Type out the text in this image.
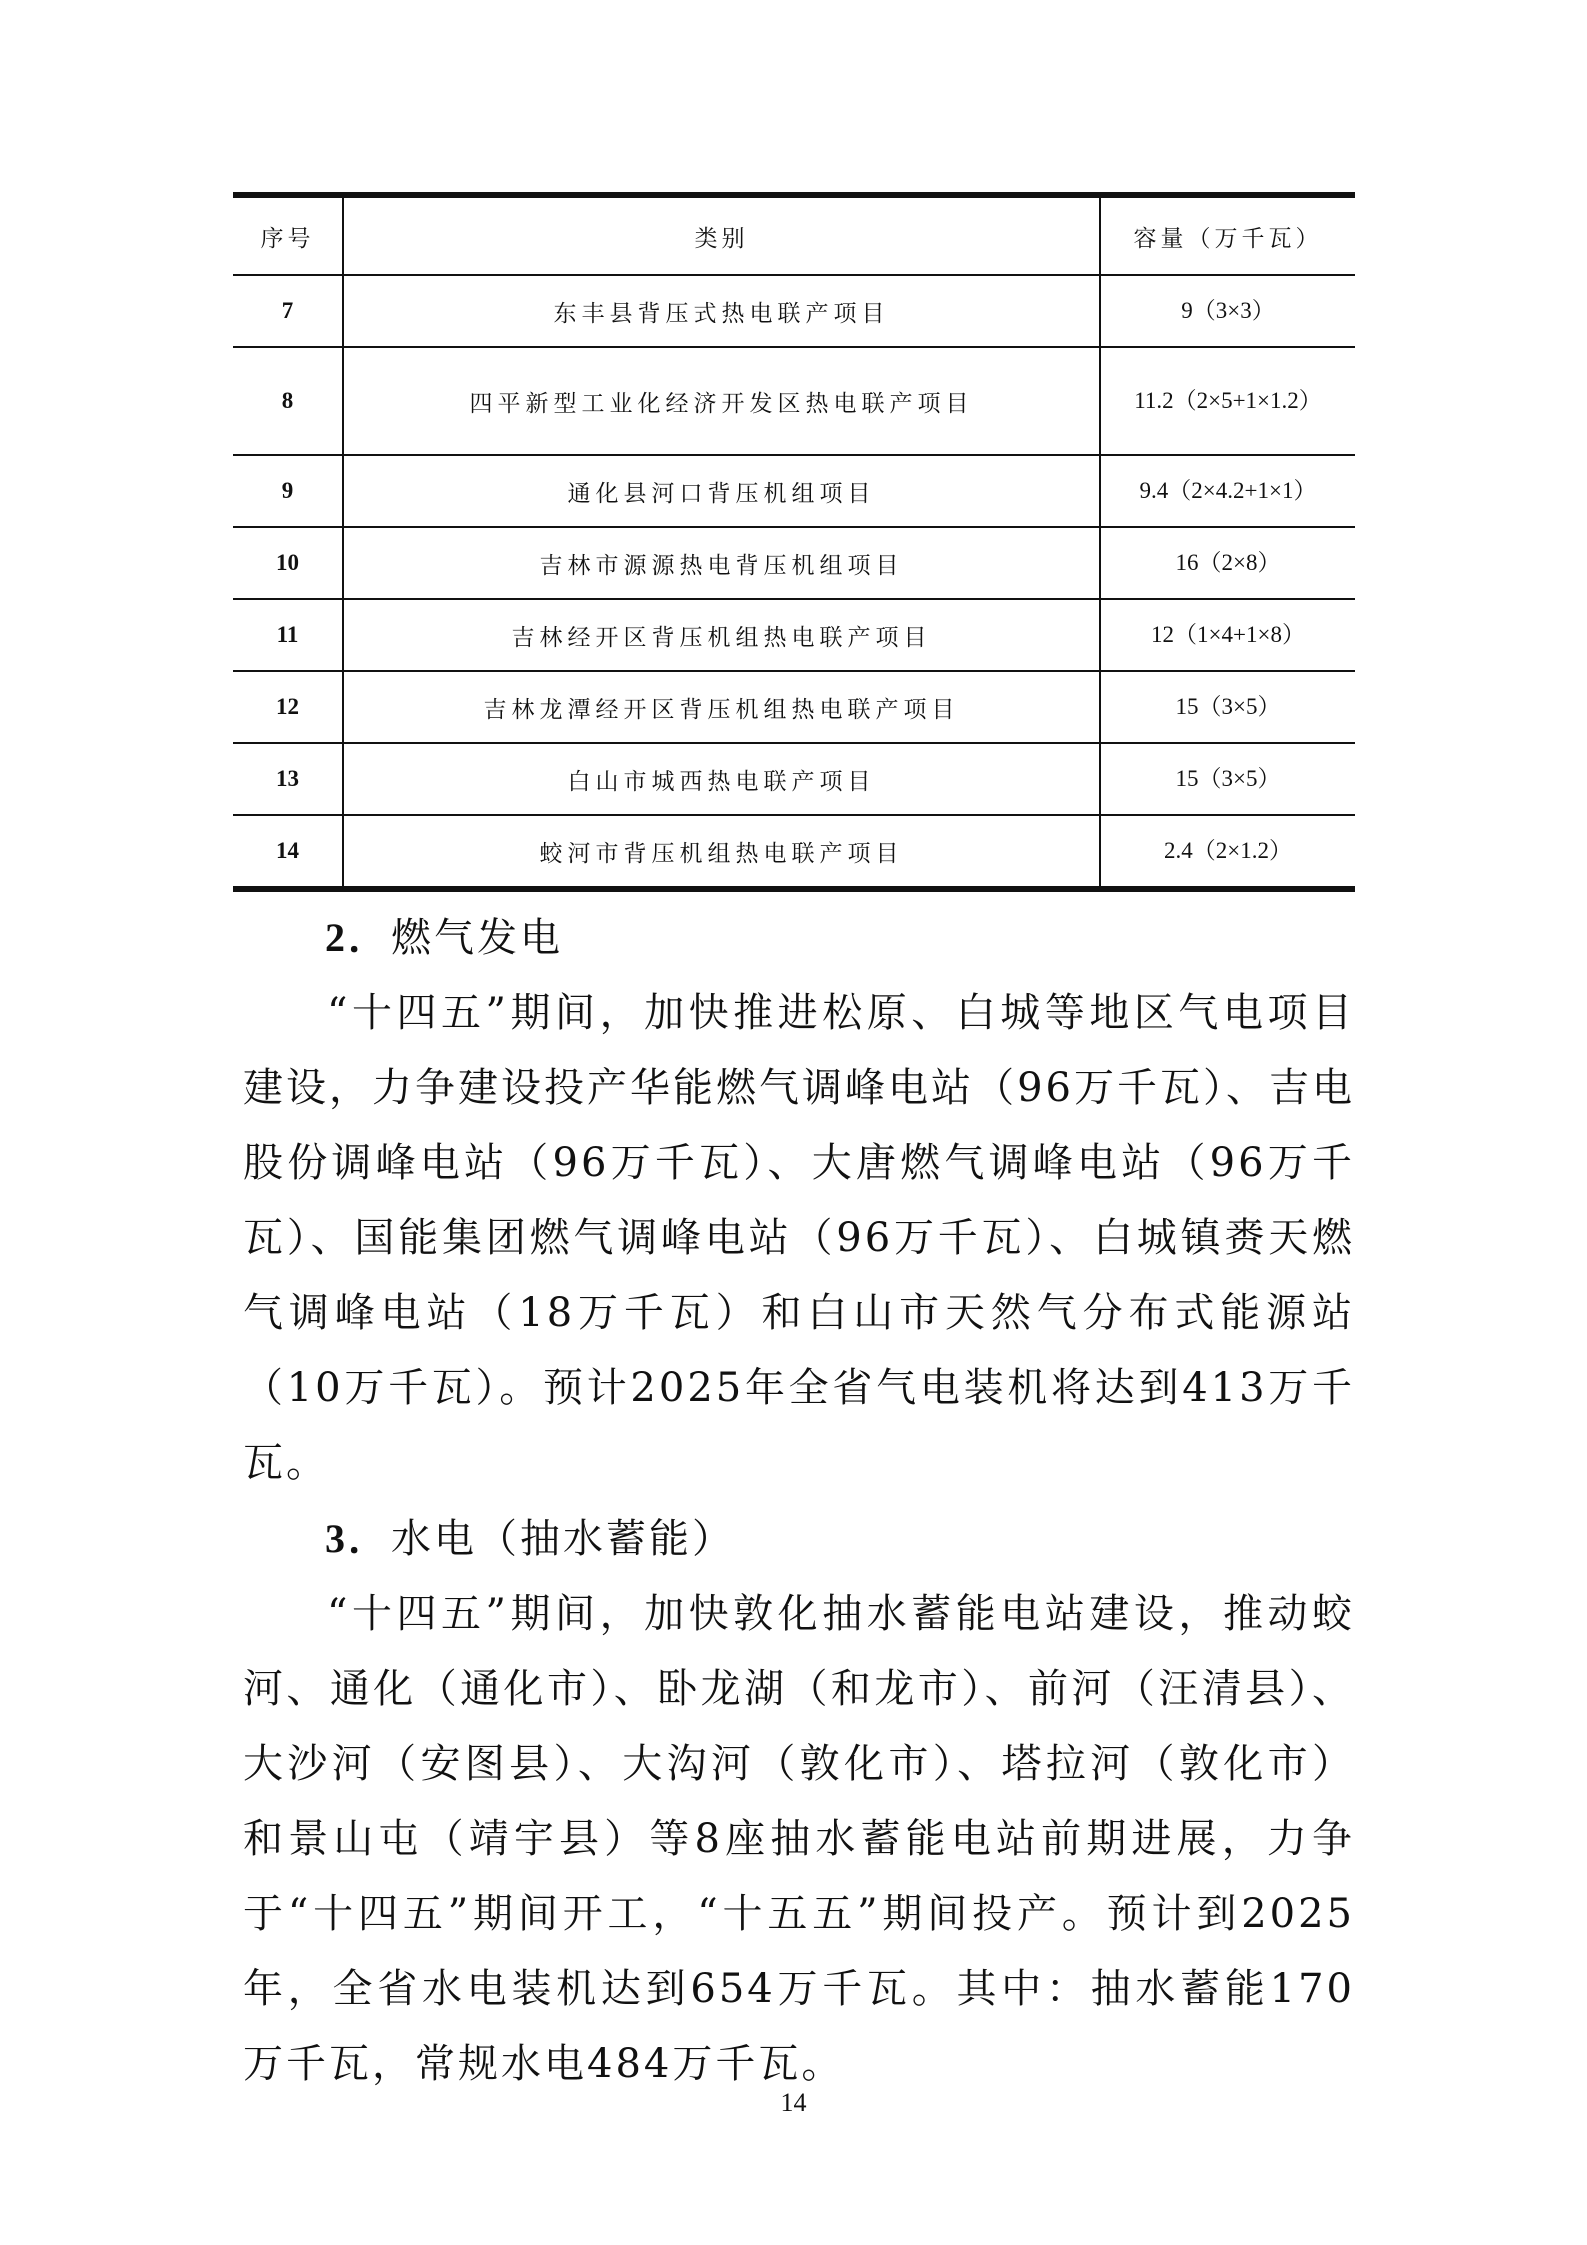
序号	类别	容量（万千瓦）
7	东丰县背压式热电联产项目	9（3×3）
8	四平新型工业化经济开发区热电联产项目	11.2（2×5+1×1.2）
9	通化县河口背压机组项目	9.4（2×4.2+1×1）
10	吉林市源源热电背压机组项目	16（2×8）
11	吉林经开区背压机组热电联产项目	12（1×4+1×8）
12	吉林龙潭经开区背压机组热电联产项目	15（3×5）
13	白山市城西热电联产项目	15（3×5）
14	蛟河市背压机组热电联产项目	2.4（2×1.2）
2．燃气发电

“十四五”期间，加快推进松原、白城等地区气电项目建设，力争建设投产华能燃气调峰电站（96万千瓦）、吉电股份调峰电站（96万千瓦）、大唐燃气调峰电站（96万千瓦）、国能集团燃气调峰电站（96万千瓦）、白城镇赉天燃气调峰电站（18万千瓦）和白山市天然气分布式能源站（10万千瓦）。预计2025年全省气电装机将达到413万千瓦。

3．水电（抽水蓄能）

“十四五”期间，加快敦化抽水蓄能电站建设，推动蛟河、通化（通化市）、卧龙湖（和龙市）、前河（汪清县）、大沙河（安图县）、大沟河（敦化市）、塔拉河（敦化市）和景山屯（靖宇县）等8座抽水蓄能电站前期进展，力争于“十四五”期间开工，“十五五”期间投产。预计到2025年，全省水电装机达到654万千瓦。其中：抽水蓄能170万千瓦，常规水电484万千瓦。

14
